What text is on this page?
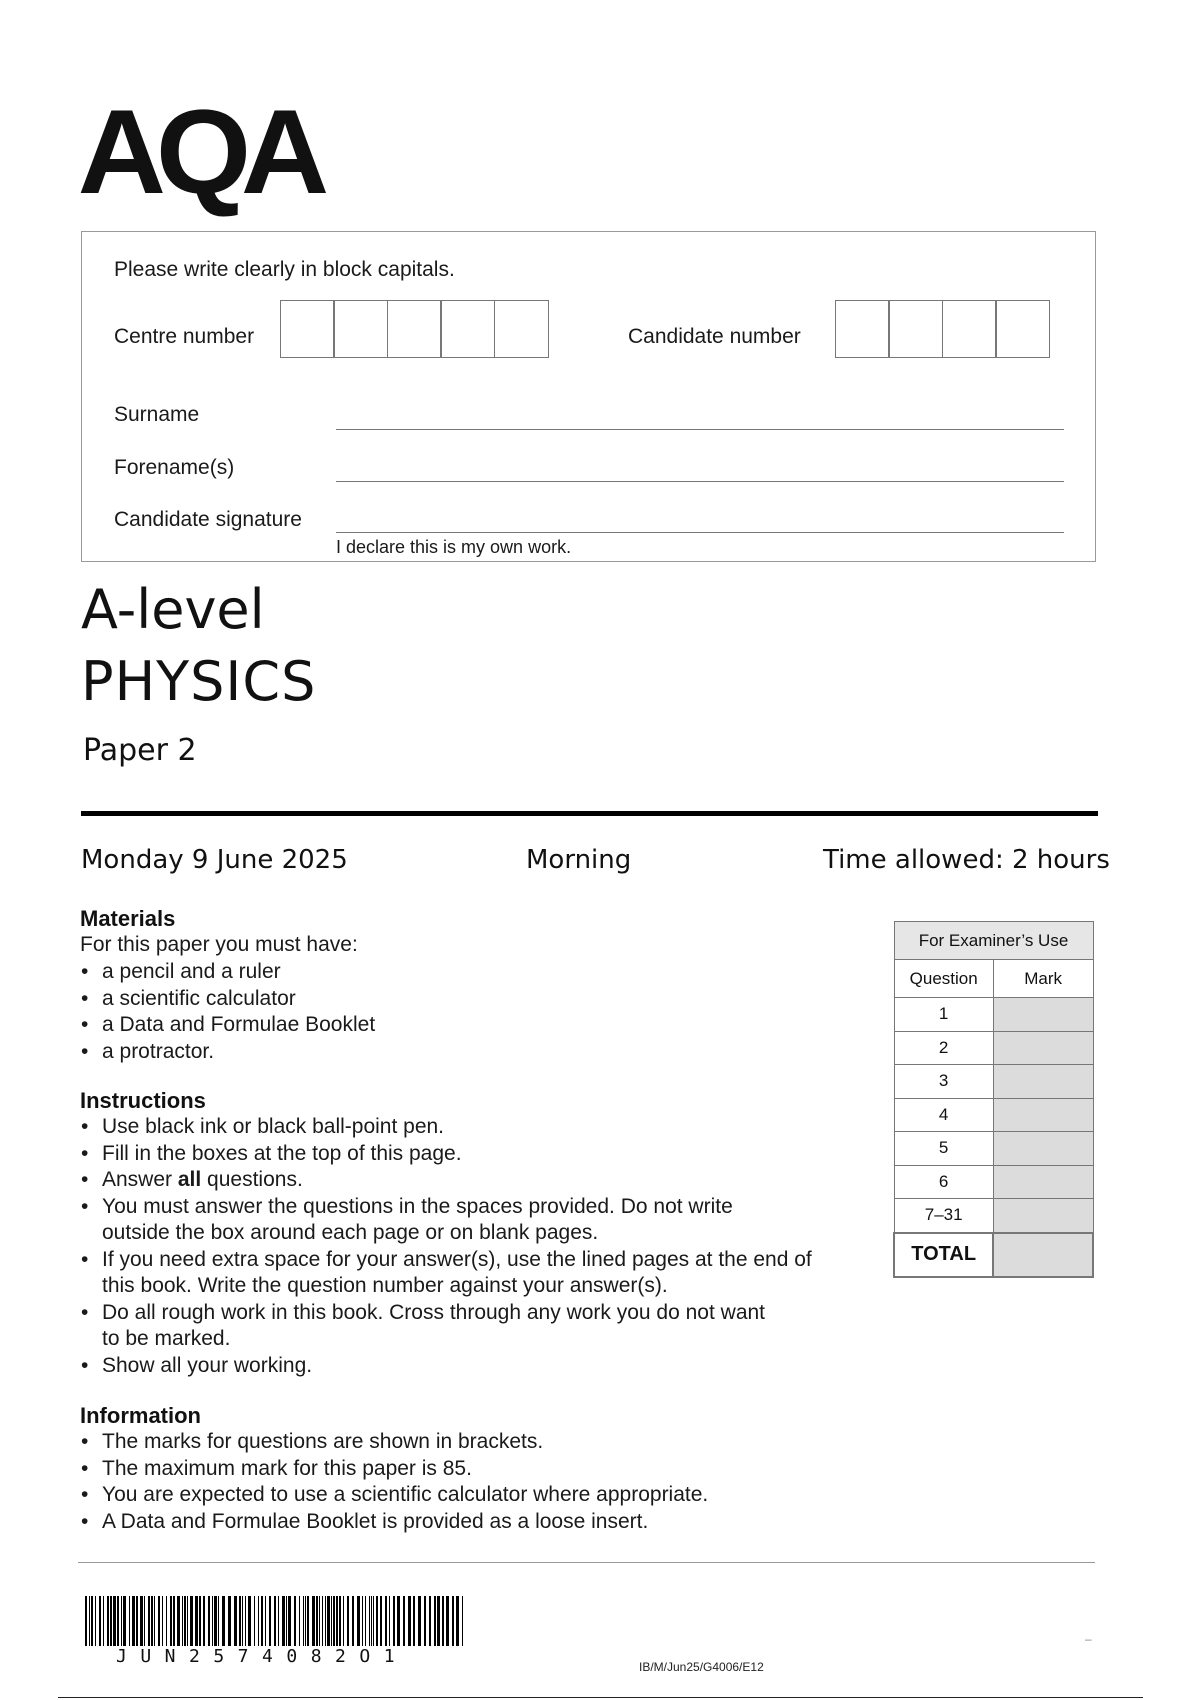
AQA
Please write clearly in block capitals.
Centre number	Candidate number
Surname
Forename(s)
Candidate signature
I declare this is my own work.
A-level
PHYSICS
Paper 2
Monday 9 June 2025	Morning	Time allowed: 2 hours
Materials
For this paper you must have:
• a pencil and a ruler
• a scientific calculator
• a Data and Formulae Booklet
• a protractor.
Instructions
• Use black ink or black ball-point pen.
• Fill in the boxes at the top of this page.
• Answer all questions.
• You must answer the questions in the spaces provided. Do not write
outside the box around each page or on blank pages.
• If you need extra space for your answer(s), use the lined pages at the end of
this book. Write the question number against your answer(s).
• Do all rough work in this book. Cross through any work you do not want
to be marked.
• Show all your working.
Information
• The marks for questions are shown in brackets.
• The maximum mark for this paper is 85.
• You are expected to use a scientific calculator where appropriate.
• A Data and Formulae Booklet is provided as a loose insert.
For Examiner’s Use	
Question	Mark
1	
2	
3	
4	
5	
6	
7–31	
TOTAL	
JUN2574082O1	IB/M/Jun25/G4006/E12
–
